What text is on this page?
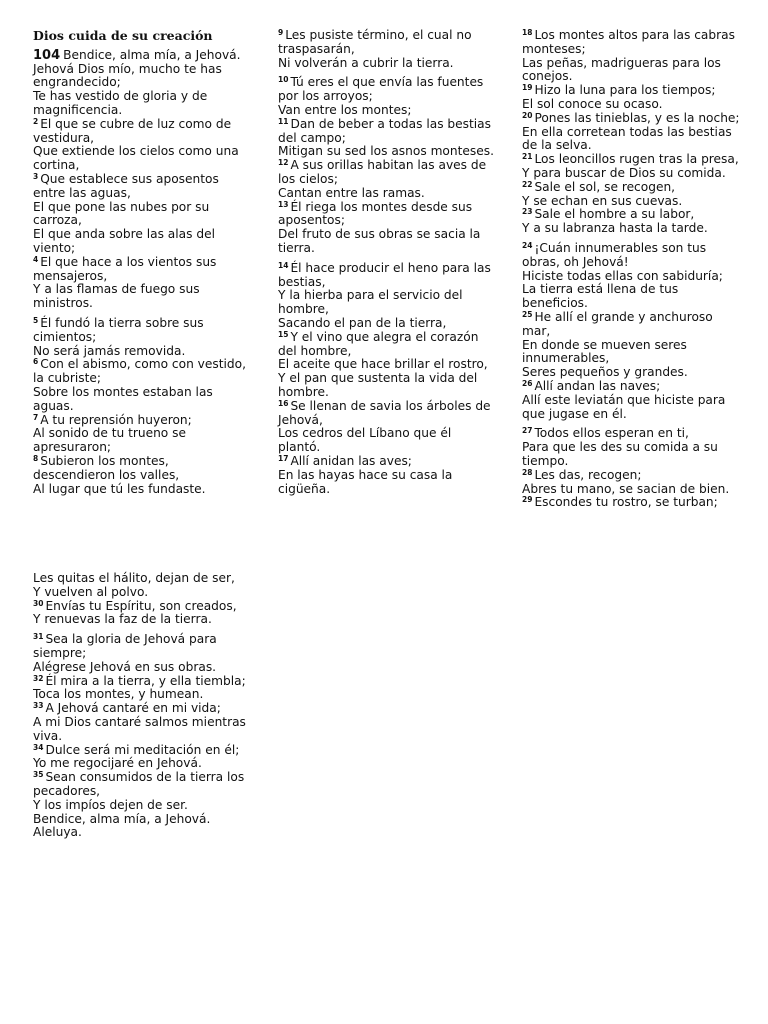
Dios cuida de su creación
104 Bendice, alma mía, a Jehová.
Jehová Dios mío, mucho te has engrandecido;
Te has vestido de gloria y de magnificencia.
$^2$ El que se cubre de luz como de vestidura,
Que extiende los cielos como una cortina,
$^3$ Que establece sus aposentos entre las aguas,
El que pone las nubes por su carroza,
El que anda sobre las alas del viento;
$^4$ El que hace a los vientos sus mensajeros,
Y a las flamas de fuego sus ministros.
$^5$ Él fundó la tierra sobre sus cimientos;
No será jamás removida.
$^6$ Con el abismo, como con vestido, la cubriste;
Sobre los montes estaban las aguas.
$^7$ A tu reprensión huyeron;
Al sonido de tu trueno se apresuraron;
$^8$ Subieron los montes, descendieron los valles,
Al lugar que tú les fundaste.
$^9$ Les pusiste término, el cual no traspasarán,
Ni volverán a cubrir la tierra.
$^{10}$ Tú eres el que envía las fuentes por los arroyos;
Van entre los montes;
$^{11}$ Dan de beber a todas las bestias del campo;
Mitigan su sed los asnos monteses.
$^{12}$ A sus orillas habitan las aves de los cielos;
Cantan entre las ramas.
$^{13}$ Él riega los montes desde sus aposentos;
Del fruto de sus obras se sacia la tierra.
$^{14}$ Él hace producir el heno para las bestias,
Y la hierba para el servicio del hombre,
Sacando el pan de la tierra,
$^{15}$ Y el vino que alegra el corazón del hombre,
El aceite que hace brillar el rostro,
Y el pan que sustenta la vida del hombre.
$^{16}$ Se llenan de savia los árboles de Jehová,
Los cedros del Líbano que él plantó.
$^{17}$ Allí anidan las aves;
En las hayas hace su casa la cigüeña.
$^{18}$ Los montes altos para las cabras monteses;
Las peñas, madrigueras para los conejos.
$^{19}$ Hizo la luna para los tiempos;
El sol conoce su ocaso.
$^{20}$ Pones las tinieblas, y es la noche;
En ella corretean todas las bestias de la selva.
$^{21}$ Los leoncillos rugen tras la presa,
Y para buscar de Dios su comida.
$^{22}$ Sale el sol, se recogen,
Y se echan en sus cuevas.
$^{23}$ Sale el hombre a su labor,
Y a su labranza hasta la tarde.
$^{24}$ ¡Cuán innumerables son tus obras, oh Jehová!
Hiciste todas ellas con sabiduría;
La tierra está llena de tus beneficios.
$^{25}$ He allí el grande y anchuroso mar,
En donde se mueven seres innumerables,
Seres pequeños y grandes.
$^{26}$ Allí andan las naves;
Allí este leviatán que hiciste para que jugase en él.
$^{27}$ Todos ellos esperan en ti,
Para que les des su comida a su tiempo.
$^{28}$ Les das, recogen;
Abres tu mano, se sacian de bien.
$^{29}$ Escondes tu rostro, se turban;
Les quitas el hálito, dejan de ser,
Y vuelven al polvo.
$^{30}$ Envías tu Espíritu, son creados,
Y renuevas la faz de la tierra.
$^{31}$ Sea la gloria de Jehová para siempre;
Alégrese Jehová en sus obras.
$^{32}$ Él mira a la tierra, y ella tiembla;
Toca los montes, y humean.
$^{33}$ A Jehová cantaré en mi vida;
A mi Dios cantaré salmos mientras viva.
$^{34}$ Dulce será mi meditación en él;
Yo me regocijaré en Jehová.
$^{35}$ Sean consumidos de la tierra los pecadores,
Y los impíos dejen de ser.
Bendice, alma mía, a Jehová.
Aleluya.
